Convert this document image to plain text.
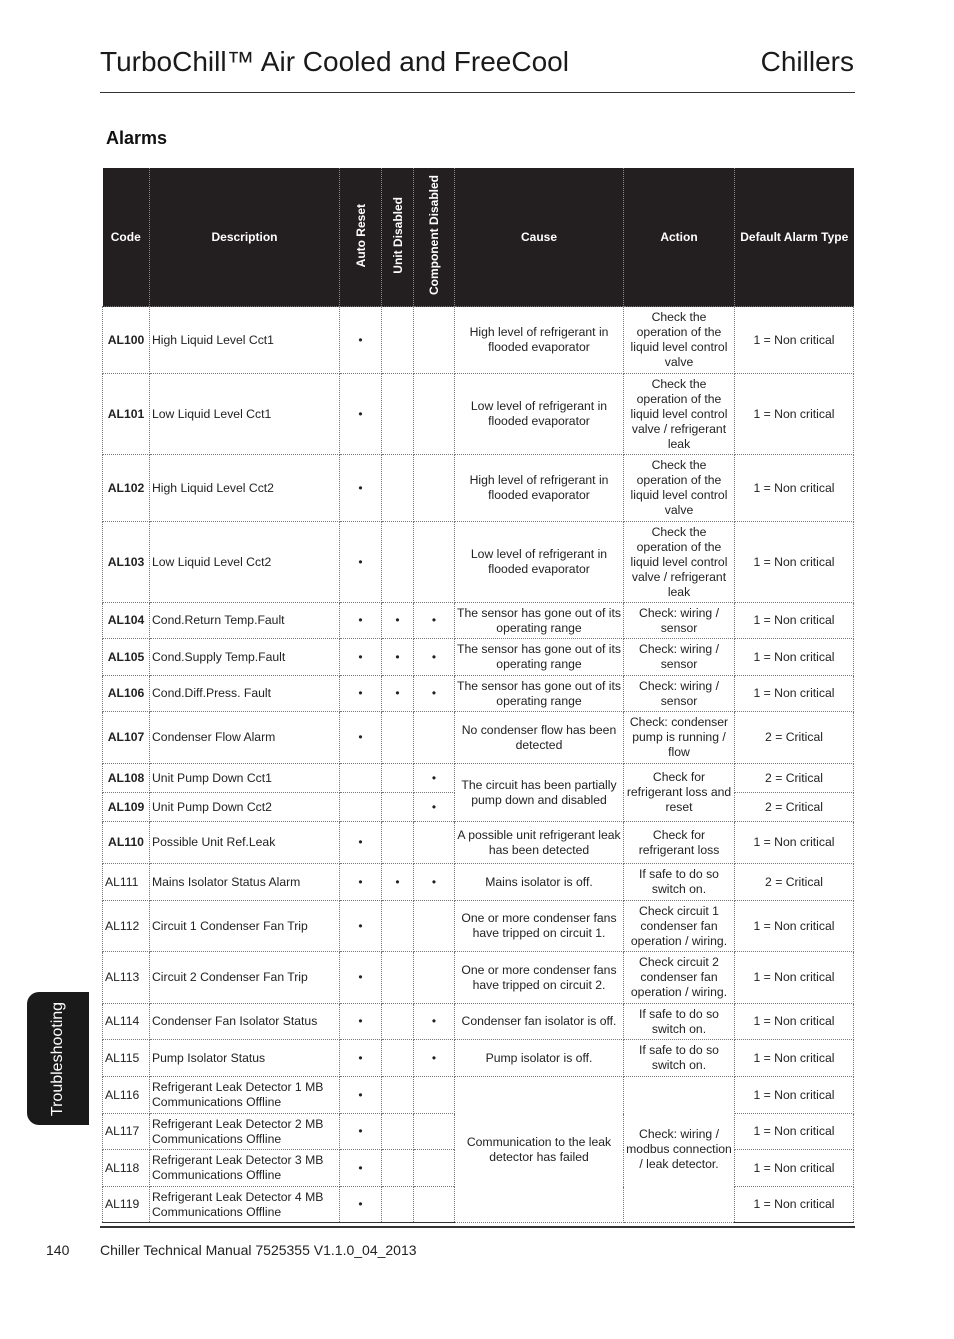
TurboChill™ Air Cooled and FreeCool	Chillers
Alarms
Troubleshooting
Code	Description	Auto Reset	Unit Disabled	Component Disabled	Cause	Action	Default Alarm Type
AL100	High Liquid Level Cct1	•			High level of refrigerant in flooded evaporator	Check the operation of the liquid level control valve	1 = Non critical
AL101	Low Liquid Level Cct1	•			Low level of refrigerant in flooded evaporator	Check the operation of the liquid level control valve / refrigerant leak	1 = Non critical
AL102	High Liquid Level Cct2	•			High level of refrigerant in flooded evaporator	Check the operation of the liquid level control valve	1 = Non critical
AL103	Low Liquid Level Cct2	•			Low level of refrigerant in flooded evaporator	Check the operation of the liquid level control valve / refrigerant leak	1 = Non critical
AL104	Cond.Return Temp.Fault	•	•	•	The sensor has gone out of its operating range	Check: wiring / sensor	1 = Non critical
AL105	Cond.Supply Temp.Fault	•	•	•	The sensor has gone out of its operating range	Check: wiring / sensor	1 = Non critical
AL106	Cond.Diff.Press. Fault	•	•	•	The sensor has gone out of its operating range	Check: wiring / sensor	1 = Non critical
AL107	Condenser Flow Alarm	•			No condenser flow has been detected	Check: condenser pump is running / flow	2 = Critical
AL108	Unit Pump Down Cct1			•	The circuit has been partially pump down and disabled	Check for refrigerant loss and reset	2 = Critical
AL109	Unit Pump Down Cct2			•			2 = Critical
AL110	Possible Unit Ref.Leak	•			A possible unit refrigerant leak has been detected	Check for refrigerant loss	1 = Non critical
AL111	Mains Isolator Status Alarm	•	•	•	Mains isolator is off.	If safe to do so switch on.	2 = Critical
AL112	Circuit 1 Condenser Fan Trip	•			One or more condenser fans have tripped on circuit 1.	Check circuit 1 condenser fan operation / wiring.	1 = Non critical
AL113	Circuit 2 Condenser Fan Trip	•			One or more condenser fans have tripped on circuit 2.	Check circuit 2 condenser fan operation / wiring.	1 = Non critical
AL114	Condenser Fan Isolator Status	•		•	Condenser fan isolator is off.	If safe to do so switch on.	1 = Non critical
AL115	Pump Isolator Status	•		•	Pump isolator is off.	If safe to do so switch on.	1 = Non critical
AL116	Refrigerant Leak Detector 1 MB Communications Offline	•			Communication to the leak detector has failed	Check: wiring / modbus connection / leak detector.	1 = Non critical
AL117	Refrigerant Leak Detector 2 MB Communications Offline	•					1 = Non critical
AL118	Refrigerant Leak Detector 3 MB Communications Offline	•					1 = Non critical
AL119	Refrigerant Leak Detector 4 MB Communications Offline	•					1 = Non critical
140 Chiller Technical Manual 7525355 V1.1.0_04_2013
